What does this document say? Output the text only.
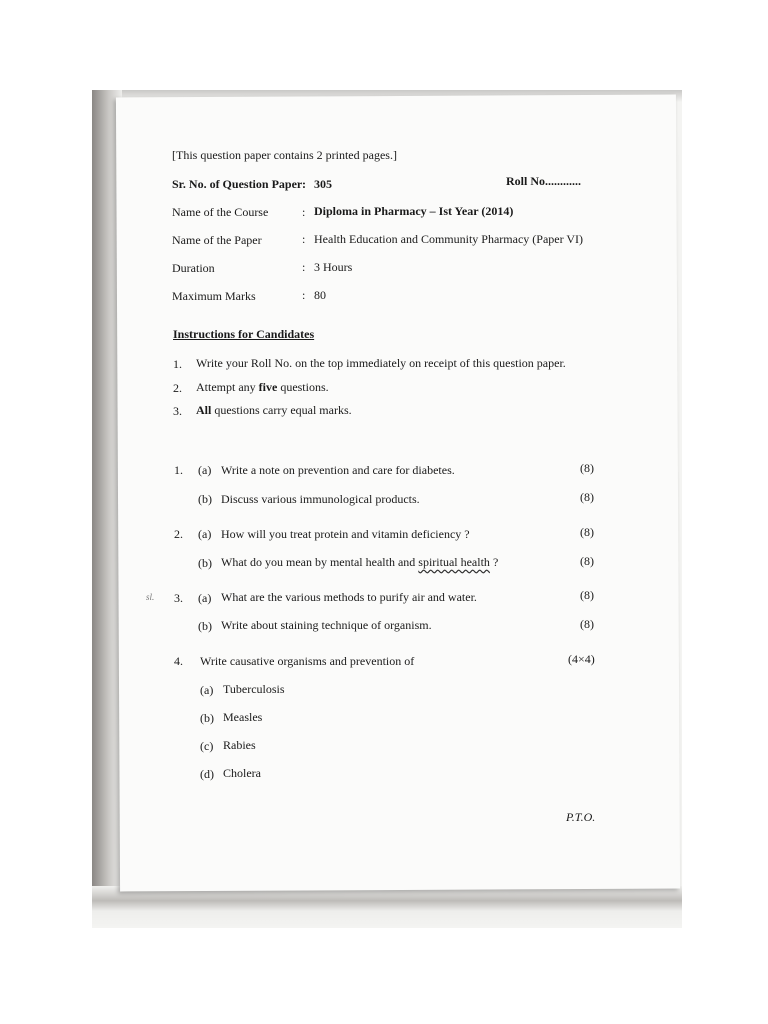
[This question paper contains 2 printed pages.]
Sr. No. of Question Paper : 305	Roll No............
Name of the Course	: Diploma in Pharmacy – Ist Year (2014)
Name of the Paper	: Health Education and Community Pharmacy (Paper VI)
Duration	: 3 Hours
Maximum Marks	: 80
Instructions for Candidates
1. Write your Roll No. on the top immediately on receipt of this question paper.
2. Attempt any five questions.
3. All questions carry equal marks.
1. (a) Write a note on prevention and care for diabetes.	(8)
(b) Discuss various immunological products.	(8)
2. (a) How will you treat protein and vitamin deficiency ?	(8)
(b) What do you mean by mental health and spiritual health ?	(8)
sl. 3. (a) What are the various methods to purify air and water.	(8)
(b) Write about staining technique of organism.	(8)
4. Write causative organisms and prevention of	(4×4)
(a) Tuberculosis
(b) Measles
(c) Rabies
(d) Cholera
P.T.O.
